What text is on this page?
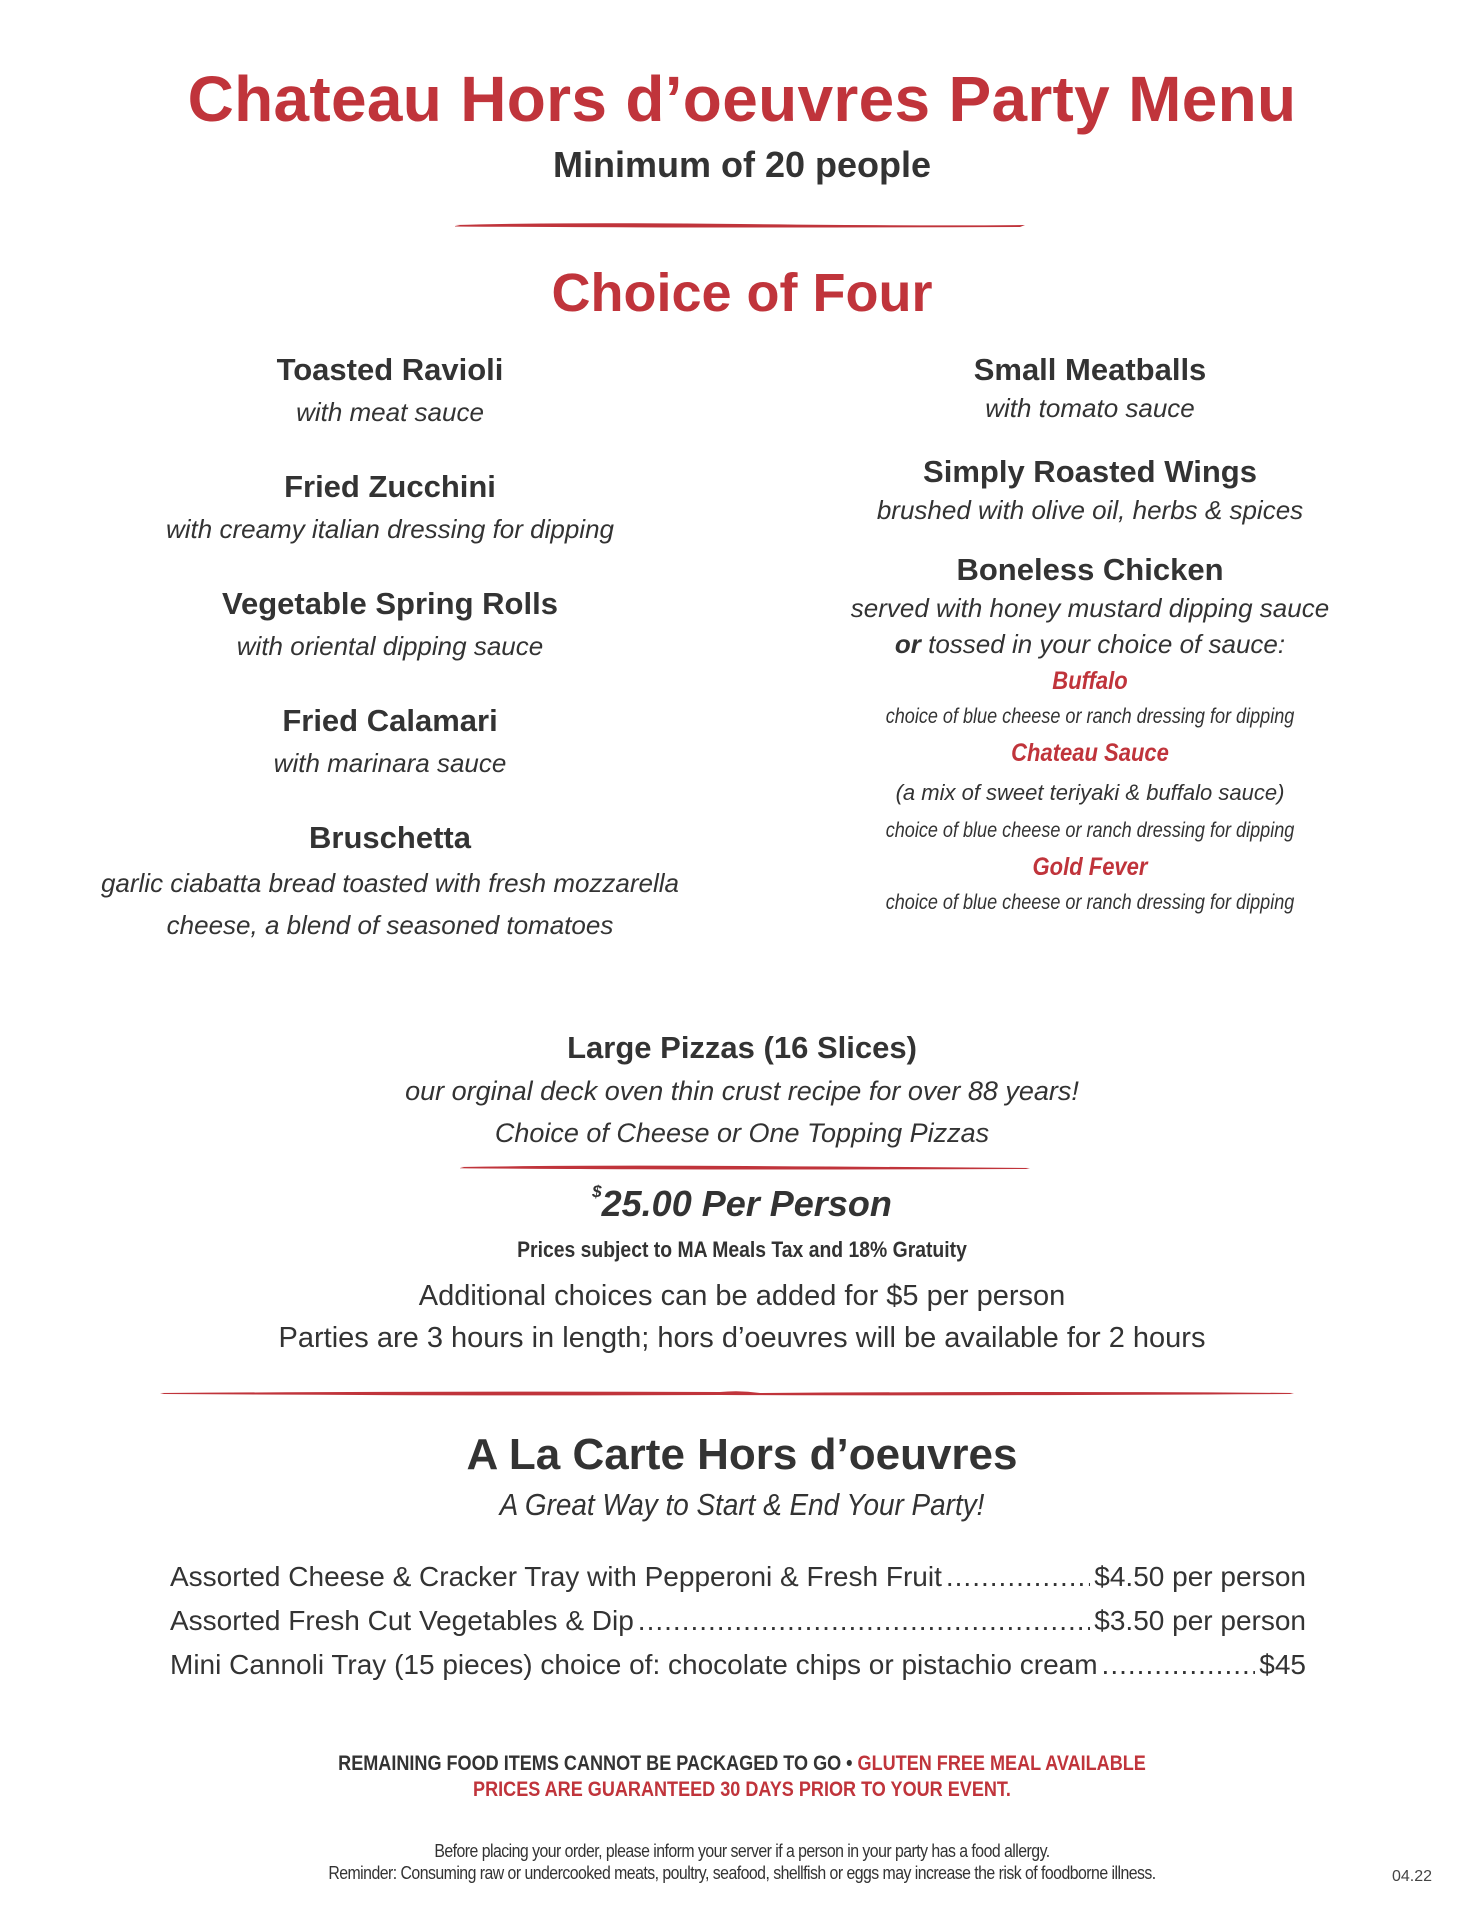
Chateau Hors d’oeuvres Party Menu
Minimum of 20 people
Choice of Four
Toasted Ravioli
with meat sauce
Fried Zucchini
with creamy italian dressing for dipping
Vegetable Spring Rolls
with oriental dipping sauce
Fried Calamari
with marinara sauce
Bruschetta
garlic ciabatta bread toasted with fresh mozzarella
cheese, a blend of seasoned tomatoes
Small Meatballs
with tomato sauce
Simply Roasted Wings
brushed with olive oil, herbs & spices
Boneless Chicken
served with honey mustard dipping sauce
or tossed in your choice of sauce:
Buffalo
choice of blue cheese or ranch dressing for dipping
Chateau Sauce
(a mix of sweet teriyaki & buffalo sauce)
choice of blue cheese or ranch dressing for dipping
Gold Fever
choice of blue cheese or ranch dressing for dipping
Large Pizzas (16 Slices)
our orginal deck oven thin crust recipe for over 88 years!
Choice of Cheese or One Topping Pizzas
$25.00 Per Person
Prices subject to MA Meals Tax and 18% Gratuity
Additional choices can be added for $5 per person
Parties are 3 hours in length; hors d’oeuvres will be available for 2 hours
A La Carte Hors d’oeuvres
A Great Way to Start & End Your Party!
Assorted Cheese & Cracker Tray with Pepperoni & Fresh Fruit .....	$4.50 per person
Assorted Fresh Cut Vegetables & Dip .....	$3.50 per person
Mini Cannoli Tray (15 pieces) choice of: chocolate chips or pistachio cream .....	$45
REMAINING FOOD ITEMS CANNOT BE PACKAGED TO GO • GLUTEN FREE MEAL AVAILABLE
PRICES ARE GUARANTEED 30 DAYS PRIOR TO YOUR EVENT.
Before placing your order, please inform your server if a person in your party has a food allergy.
Reminder: Consuming raw or undercooked meats, poultry, seafood, shellfish or eggs may increase the risk of foodborne illness.	04.22
